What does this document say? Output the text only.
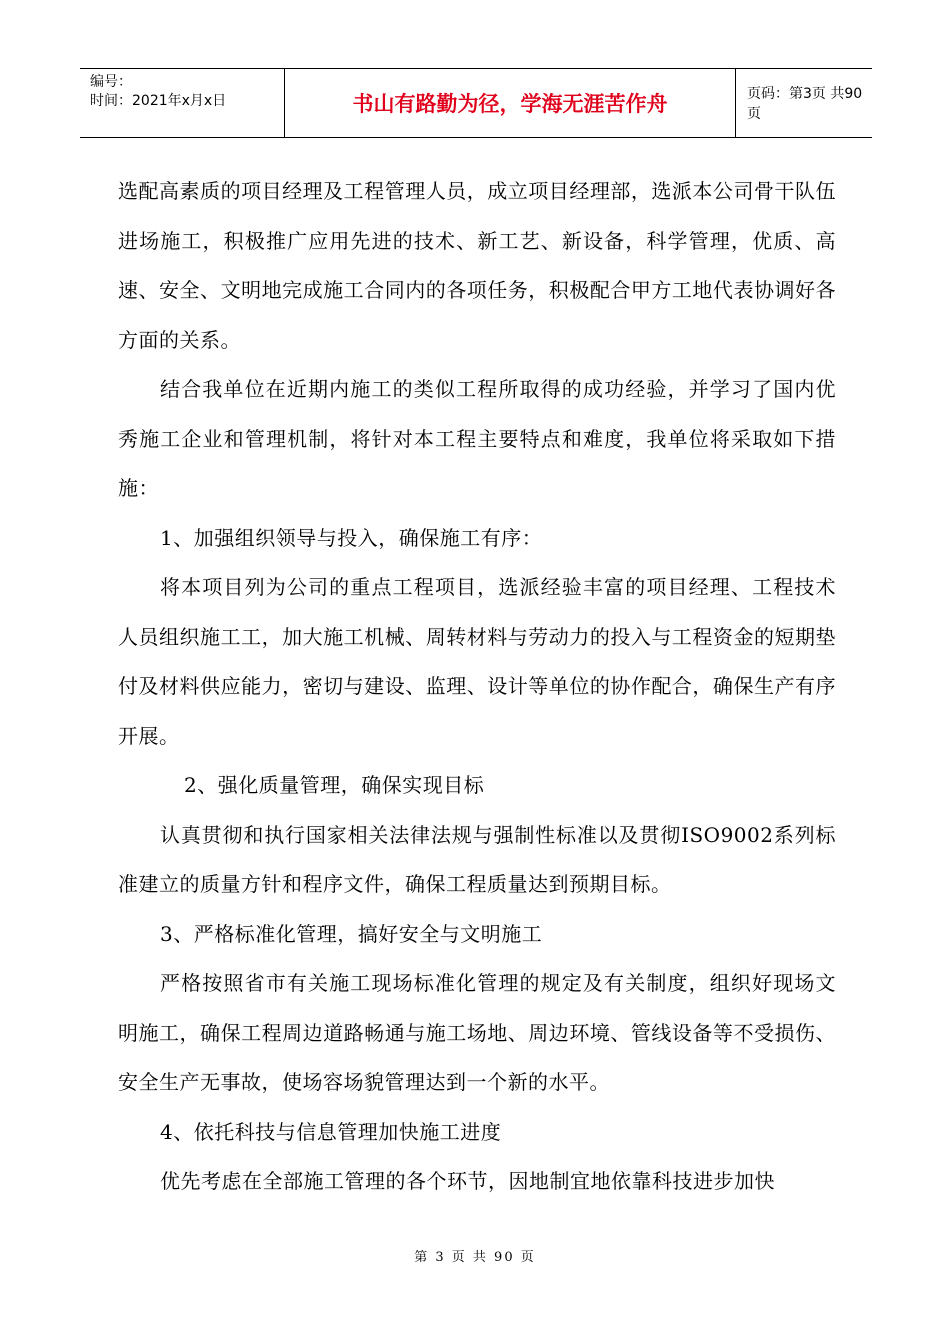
编号：
时间：2021年x月x日	书山有路勤为径，学海无涯苦作舟	页码：第3页 共90页

选配高素质的项目经理及工程管理人员，成立项目经理部，选派本公司骨干队伍进场施工，积极推广应用先进的技术、新工艺、新设备，科学管理，优质、高速、安全、文明地完成施工合同内的各项任务，积极配合甲方工地代表协调好各方面的关系。

结合我单位在近期内施工的类似工程所取得的成功经验，并学习了国内优秀施工企业和管理机制，将针对本工程主要特点和难度，我单位将采取如下措施：

1、加强组织领导与投入，确保施工有序：

将本项目列为公司的重点工程项目，选派经验丰富的项目经理、工程技术人员组织施工工，加大施工机械、周转材料与劳动力的投入与工程资金的短期垫付及材料供应能力，密切与建设、监理、设计等单位的协作配合，确保生产有序开展。

2、强化质量管理，确保实现目标

认真贯彻和执行国家相关法律法规与强制性标准以及贯彻ISO9002系列标准建立的质量方针和程序文件，确保工程质量达到预期目标。

3、严格标准化管理，搞好安全与文明施工

严格按照省市有关施工现场标准化管理的规定及有关制度，组织好现场文明施工，确保工程周边道路畅通与施工场地、周边环境、管线设备等不受损伤、安全生产无事故，使场容场貌管理达到一个新的水平。

4、依托科技与信息管理加快施工进度

优先考虑在全部施工管理的各个环节，因地制宜地依靠科技进步加快

第 3 页 共 90 页
